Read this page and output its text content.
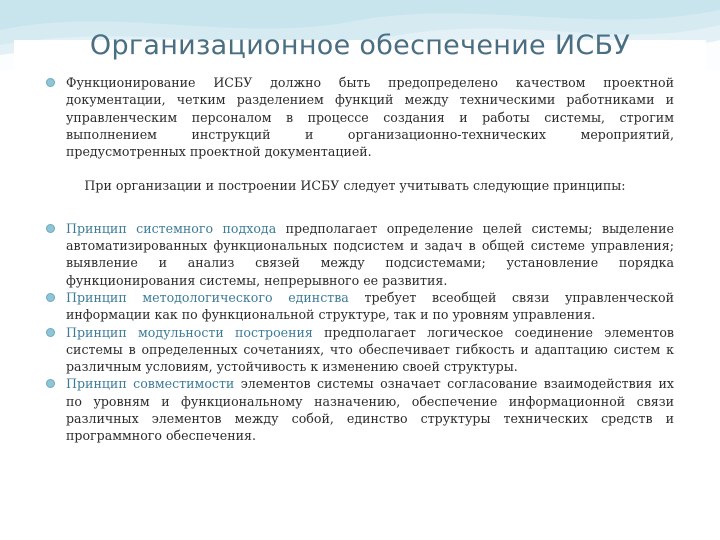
Организационное обеспечение ИСБУ

Функционирование ИСБУ должно быть предопределено качеством проектной документации, четким разделением функций между техническими работниками и управленческим персоналом в процессе создания и работы системы, строгим выполнением инструкций и организационно-технических мероприятий, предусмотренных проектной документацией.

При организации и построении ИСБУ следует учитывать следующие принципы:

Принцип системного подхода предполагает определение целей системы; выделение автоматизированных функциональных подсистем и задач в общей системе управления; выявление и анализ связей между подсистемами; установление порядка функционирования системы, непрерывного ее развития.

Принцип методологического единства требует всеобщей связи управленческой информации как по функциональной структуре, так и по уровням управления.

Принцип модульности построения предполагает логическое соединение элементов системы в определенных сочетаниях, что обеспечивает гибкость и адаптацию систем к различным условиям, устойчивость к изменению своей структуры.

Принцип совместимости элементов системы означает согласование взаимодействия их по уровням и функциональному назначению, обеспечение информационной связи различных элементов между собой, единство структуры технических средств и программного обеспечения.
